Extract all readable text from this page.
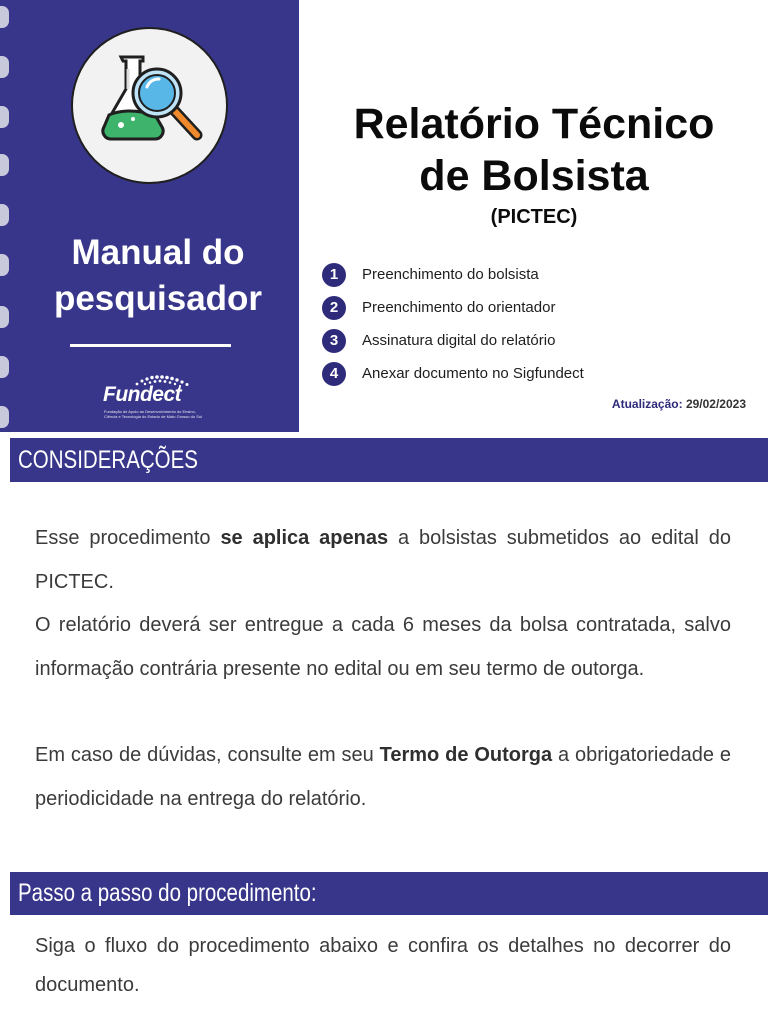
Manual do
pesquisador
Fundect
Fundação de Apoio ao Desenvolvimento do Ensino, Ciência e Tecnologia do Estado de Mato Grosso do Sul
Relatório Técnico
de Bolsista
(PICTEC)
1	Preenchimento do bolsista
2	Preenchimento do orientador
3	Assinatura digital do relatório
4	Anexar documento no Sigfundect
Atualização: 29/02/2023
CONSIDERAÇÕES

Esse procedimento se aplica apenas a bolsistas submetidos ao edital do PICTEC.

O relatório deverá ser entregue a cada 6 meses da bolsa contratada, salvo informação contrária presente no edital ou em seu termo de outorga.

Em caso de dúvidas, consulte em seu Termo de Outorga a obrigatoriedade e periodicidade na entrega do relatório.

Passo a passo do procedimento:

Siga o fluxo do procedimento abaixo e confira os detalhes no decorrer do documento.
